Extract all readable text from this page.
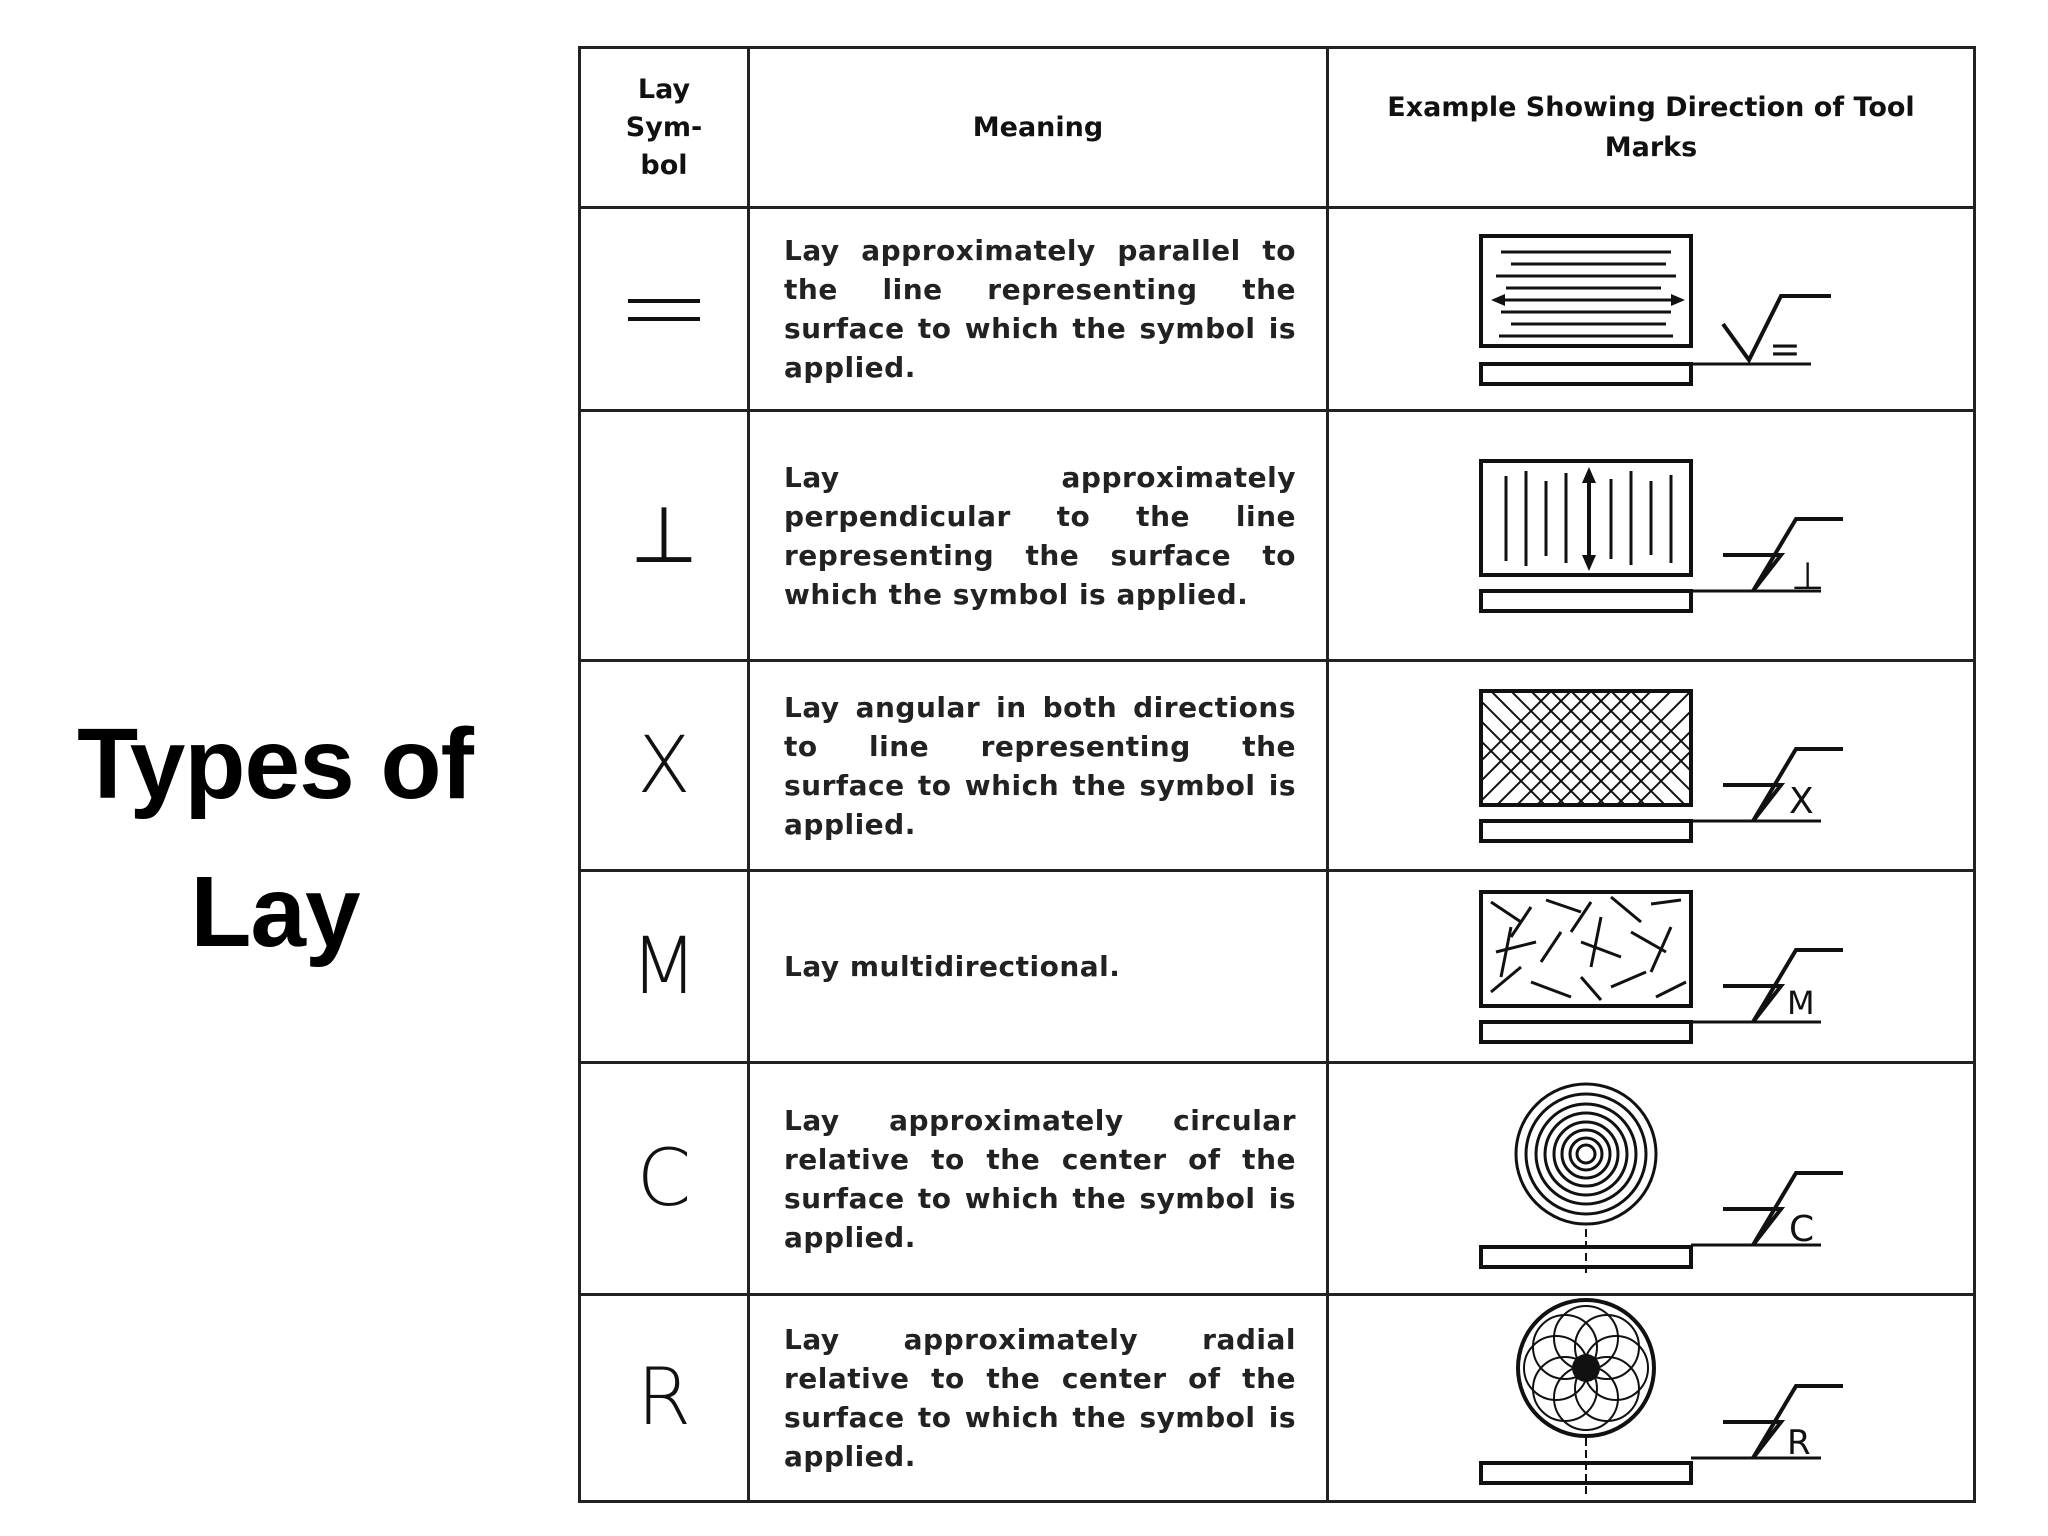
Types of
Lay
Lay Sym-bol	Meaning	Example Showing Direction of Tool Marks

	Lay approximately parallel to the line representing the surface to which the symbol is applied.	=

⊥	Lay approximately perpendicular to the line representing the surface to which the symbol is applied.	⊥

X	Lay angular in both directions to line representing the surface to which the symbol is applied.	X

M	Lay multidirectional.	M

C	Lay approximately circular relative to the center of the surface to which the symbol is applied.	C

R	Lay approximately radial relative to the center of the surface to which the symbol is applied.	R
